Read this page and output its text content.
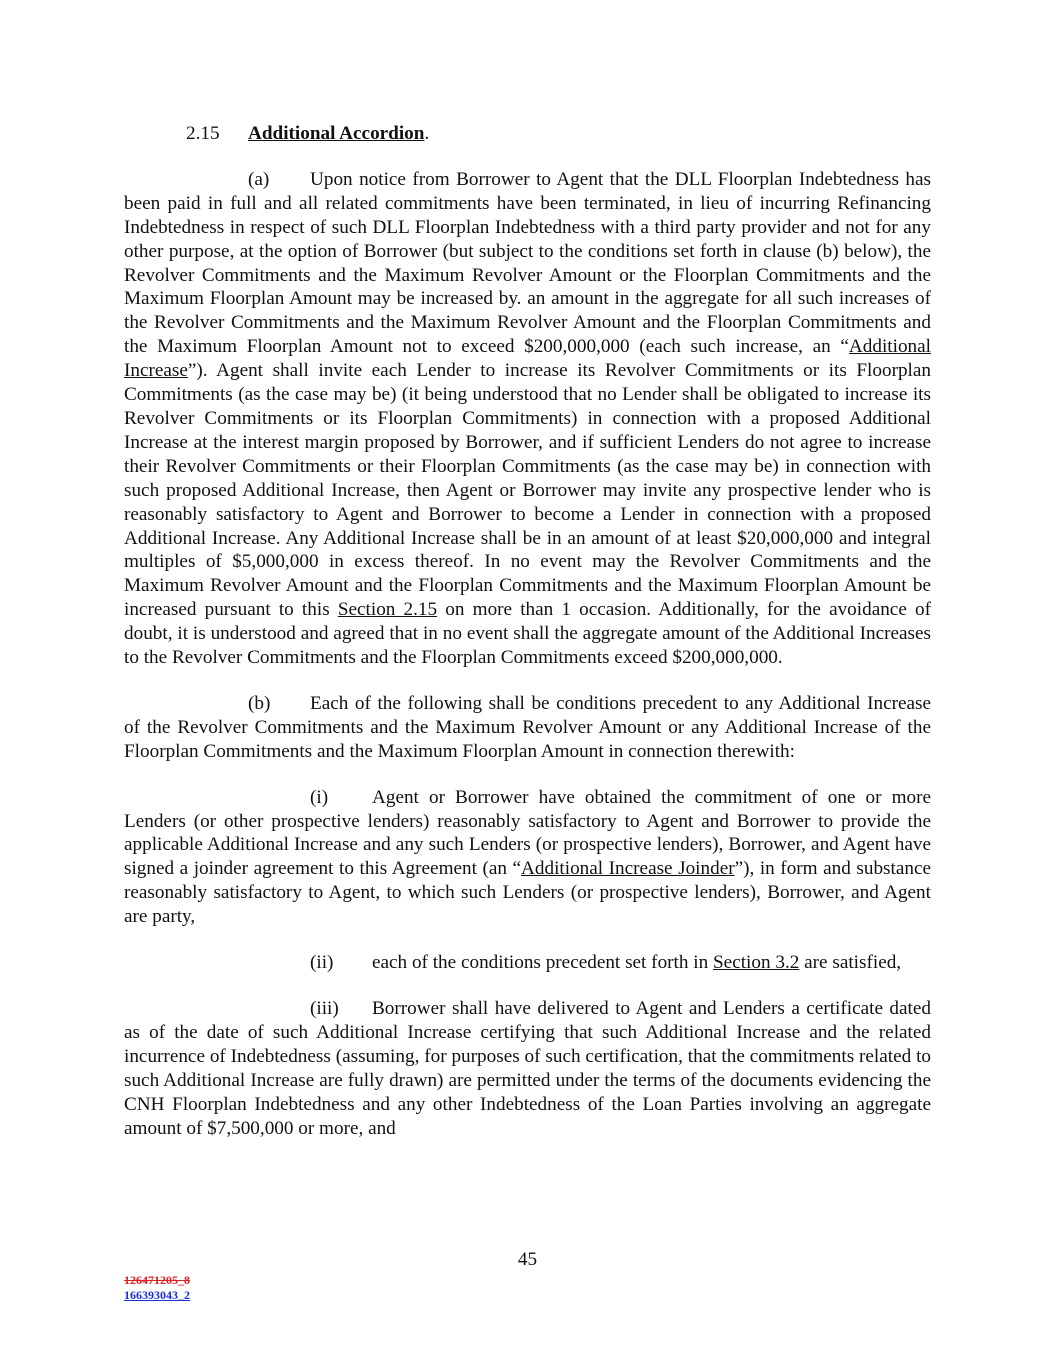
2.15 Additional Accordion.

(a) Upon notice from Borrower to Agent that the DLL Floorplan Indebtedness has been paid in full and all related commitments have been terminated, in lieu of incurring Refinancing Indebtedness in respect of such DLL Floorplan Indebtedness with a third party provider and not for any other purpose, at the option of Borrower (but subject to the conditions set forth in clause (b) below), the Revolver Commitments and the Maximum Revolver Amount or the Floorplan Commitments and the Maximum Floorplan Amount may be increased by. an amount in the aggregate for all such increases of the Revolver Commitments and the Maximum Revolver Amount and the Floorplan Commitments and the Maximum Floorplan Amount not to exceed $200,000,000 (each such increase, an “Additional Increase”). Agent shall invite each Lender to increase its Revolver Commitments or its Floorplan Commitments (as the case may be) (it being understood that no Lender shall be obligated to increase its Revolver Commitments or its Floorplan Commitments) in connection with a proposed Additional Increase at the interest margin proposed by Borrower, and if sufficient Lenders do not agree to increase their Revolver Commitments or their Floorplan Commitments (as the case may be) in connection with such proposed Additional Increase, then Agent or Borrower may invite any prospective lender who is reasonably satisfactory to Agent and Borrower to become a Lender in connection with a proposed Additional Increase. Any Additional Increase shall be in an amount of at least $20,000,000 and integral multiples of $5,000,000 in excess thereof. In no event may the Revolver Commitments and the Maximum Revolver Amount and the Floorplan Commitments and the Maximum Floorplan Amount be increased pursuant to this Section 2.15 on more than 1 occasion. Additionally, for the avoidance of doubt, it is understood and agreed that in no event shall the aggregate amount of the Additional Increases to the Revolver Commitments and the Floorplan Commitments exceed $200,000,000.

(b) Each of the following shall be conditions precedent to any Additional Increase of the Revolver Commitments and the Maximum Revolver Amount or any Additional Increase of the Floorplan Commitments and the Maximum Floorplan Amount in connection therewith:

(i) Agent or Borrower have obtained the commitment of one or more Lenders (or other prospective lenders) reasonably satisfactory to Agent and Borrower to provide the applicable Additional Increase and any such Lenders (or prospective lenders), Borrower, and Agent have signed a joinder agreement to this Agreement (an “Additional Increase Joinder”), in form and substance reasonably satisfactory to Agent, to which such Lenders (or prospective lenders), Borrower, and Agent are party,

(ii) each of the conditions precedent set forth in Section 3.2 are satisfied,

(iii) Borrower shall have delivered to Agent and Lenders a certificate dated as of the date of such Additional Increase certifying that such Additional Increase and the related incurrence of Indebtedness (assuming, for purposes of such certification, that the commitments related to such Additional Increase are fully drawn) are permitted under the terms of the documents evidencing the CNH Floorplan Indebtedness and any other Indebtedness of the Loan Parties involving an aggregate amount of $7,500,000 or more, and

45
126471205_8
166393043_2
